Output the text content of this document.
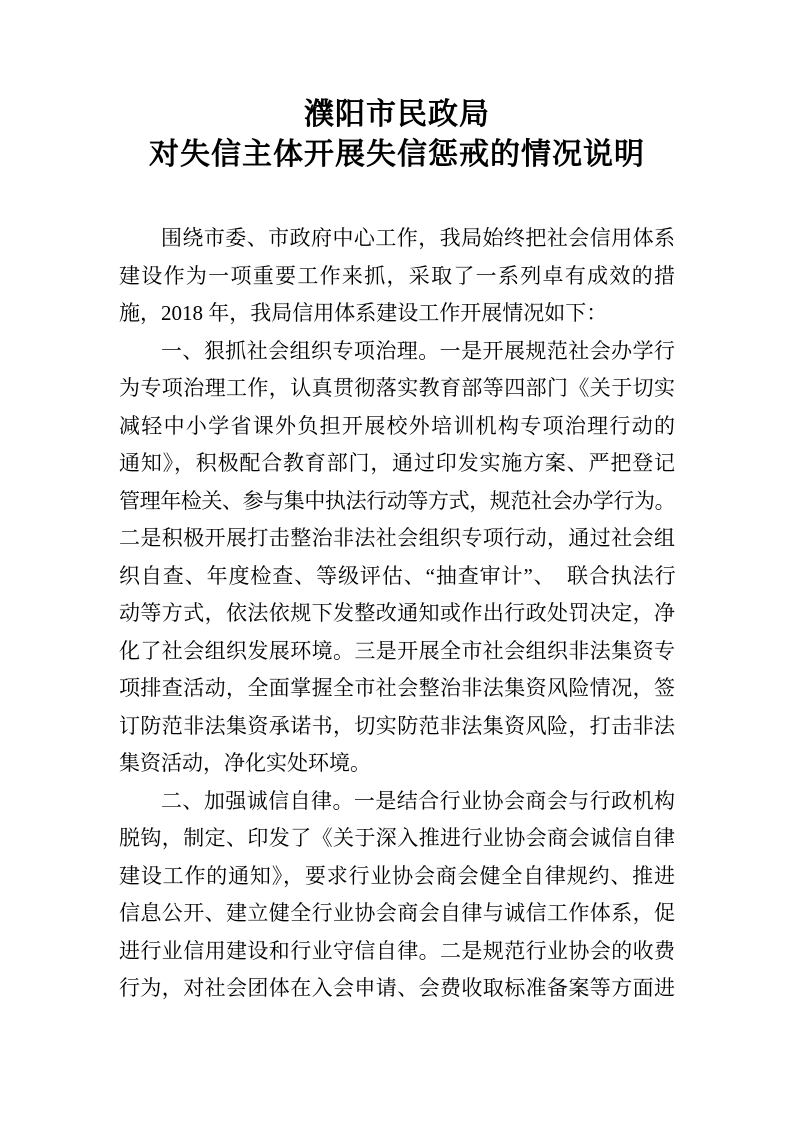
濮阳市民政局
对失信主体开展失信惩戒的情况说明
围绕市委、市政府中心工作，我局始终把社会信用体系
建设作为一项重要工作来抓，采取了一系列卓有成效的措
施，2018 年，我局信用体系建设工作开展情况如下：
一、狠抓社会组织专项治理。一是开展规范社会办学行
为专项治理工作，认真贯彻落实教育部等四部门《关于切实
减轻中小学省课外负担开展校外培训机构专项治理行动的
通知》，积极配合教育部门，通过印发实施方案、严把登记
管理年检关、参与集中执法行动等方式，规范社会办学行为。
二是积极开展打击整治非法社会组织专项行动，通过社会组
织自查、年度检查、等级评估、“抽查审计”、　联合执法行
动等方式，依法依规下发整改通知或作出行政处罚决定，净
化了社会组织发展环境。三是开展全市社会组织非法集资专
项排查活动，全面掌握全市社会整治非法集资风险情况，签
订防范非法集资承诺书，切实防范非法集资风险，打击非法
集资活动，净化实处环境。
二、加强诚信自律。一是结合行业协会商会与行政机构
脱钩，制定、印发了《关于深入推进行业协会商会诚信自律
建设工作的通知》，要求行业协会商会健全自律规约、推进
信息公开、建立健全行业协会商会自律与诚信工作体系，促
进行业信用建设和行业守信自律。二是规范行业协会的收费
行为，对社会团体在入会申请、会费收取标准备案等方面进
